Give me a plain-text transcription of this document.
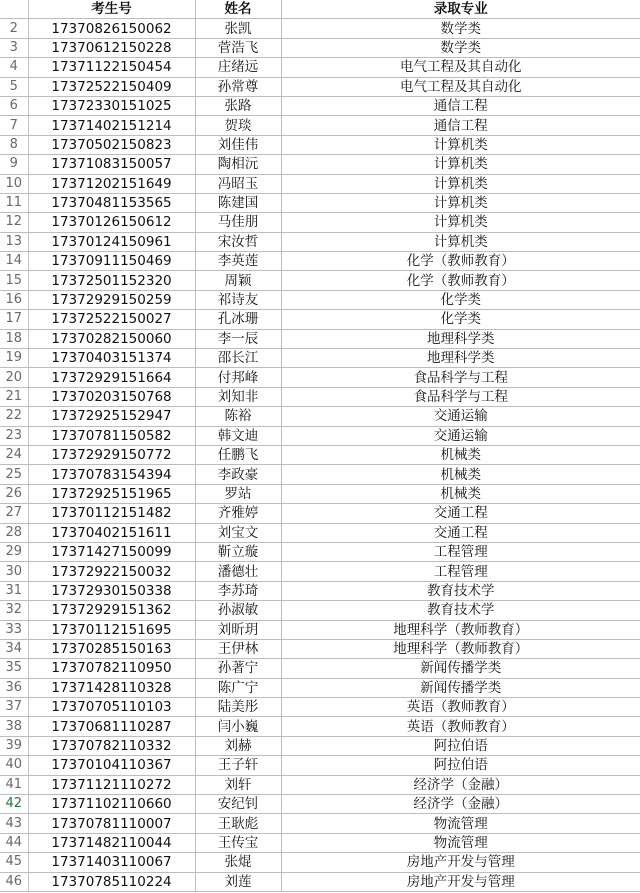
	考生号	姓名	录取专业
2	17370826150062	张凯	数学类
3	17370612150228	菅浩飞	数学类
4	17371122150454	庄绪远	电气工程及其自动化
5	17372522150409	孙常尊	电气工程及其自动化
6	17372330151025	张路	通信工程
7	17371402151214	贺琰	通信工程
8	17370502150823	刘佳伟	计算机类
9	17371083150057	陶相沅	计算机类
10	17371202151649	冯昭玉	计算机类
11	17370481153565	陈建国	计算机类
12	17370126150612	马佳朋	计算机类
13	17370124150961	宋汝哲	计算机类
14	17370911150469	李英莲	化学（教师教育）
15	17372501152320	周颖	化学（教师教育）
16	17372929150259	祁诗友	化学类
17	17372522150027	孔冰珊	化学类
18	17370282150060	李一辰	地理科学类
19	17370403151374	邵长江	地理科学类
20	17372929151664	付邦峰	食品科学与工程
21	17370203150768	刘知非	食品科学与工程
22	17372925152947	陈裕	交通运输
23	17370781150582	韩文迪	交通运输
24	17372929150772	任鹏飞	机械类
25	17370783154394	李政豪	机械类
26	17372925151965	罗站	机械类
27	17370112151482	齐雅婷	交通工程
28	17370402151611	刘宝文	交通工程
29	17371427150099	靳立璇	工程管理
30	17372922150032	潘德壮	工程管理
31	17372930150338	李苏琦	教育技术学
32	17372929151362	孙淑敏	教育技术学
33	17370112151695	刘昕玥	地理科学（教师教育）
34	17370285150163	王伊林	地理科学（教师教育）
35	17370782110950	孙著宁	新闻传播学类
36	17371428110328	陈广宁	新闻传播学类
37	17370705110103	陆美彤	英语（教师教育）
38	17370681110287	闫小巍	英语（教师教育）
39	17370782110332	刘赫	阿拉伯语
40	17370104110367	王子轩	阿拉伯语
41	17371121110272	刘轩	经济学（金融）
42	17371102110660	安纪钊	经济学（金融）
43	17370781110007	王耿彪	物流管理
44	17371482110044	王传宝	物流管理
45	17371403110067	张焜	房地产开发与管理
46	17370785110224	刘莲	房地产开发与管理
